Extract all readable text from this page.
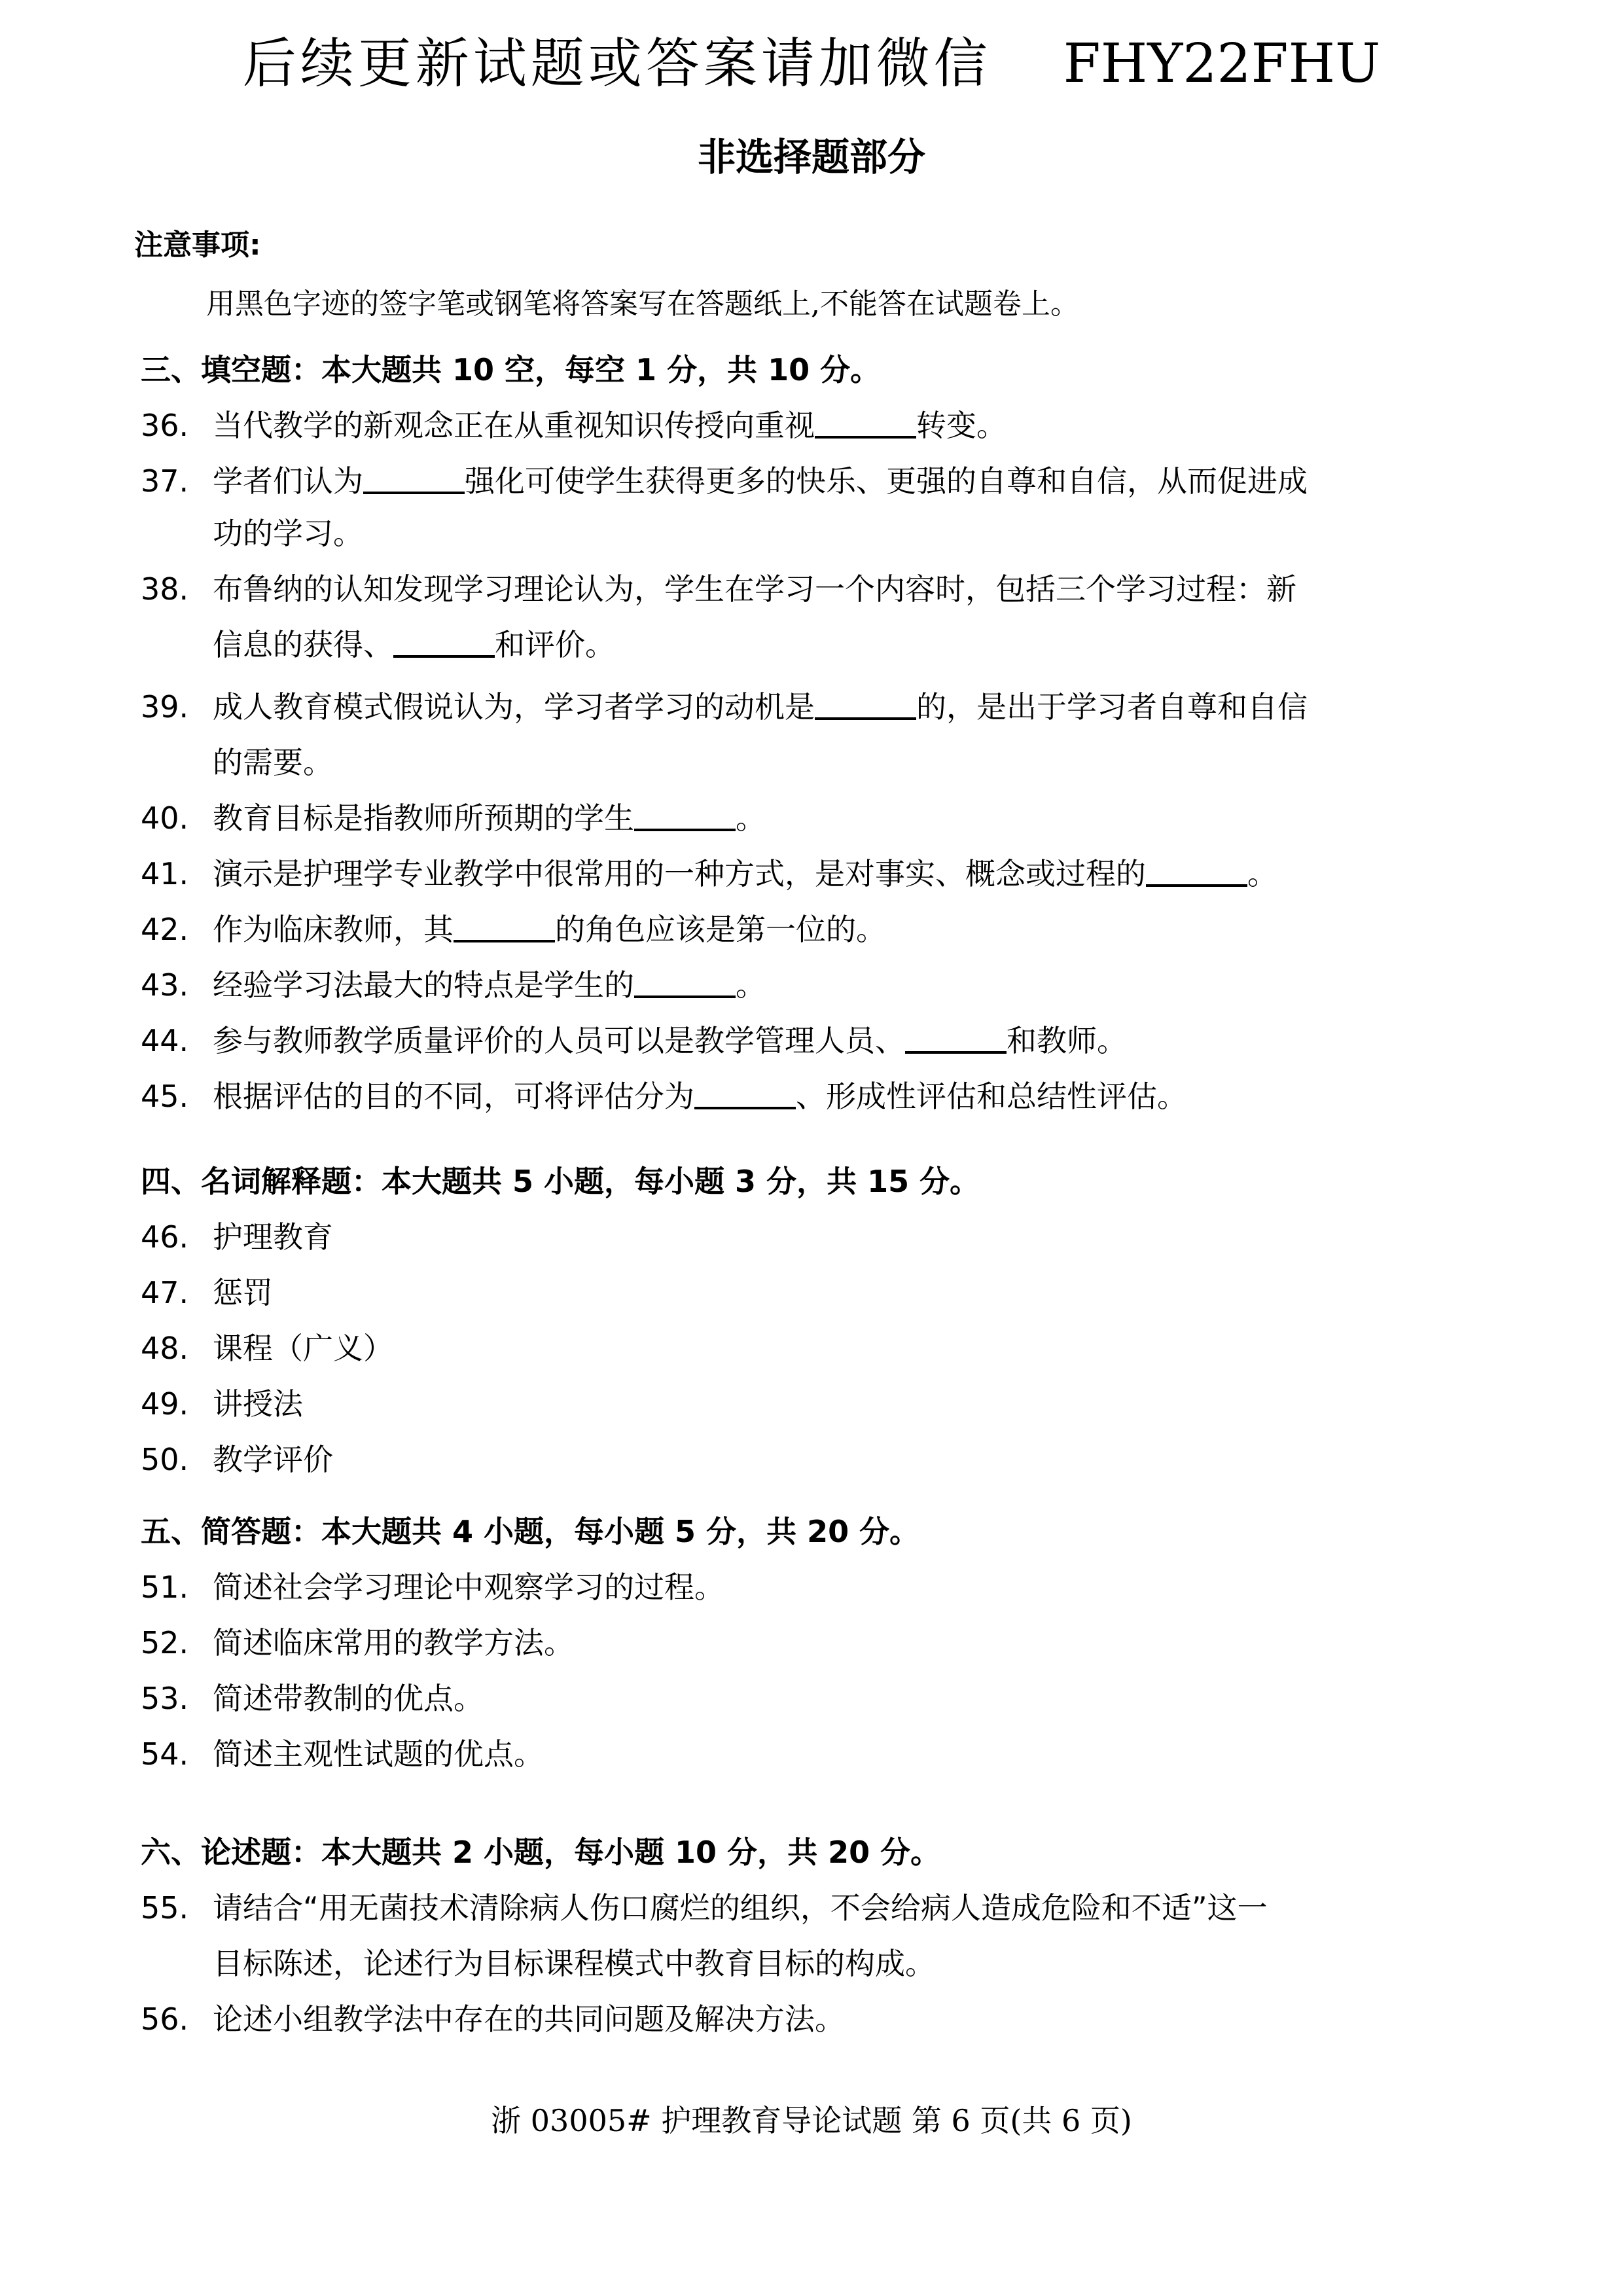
后续更新试题或答案请加微信 FHY22FHU
非选择题部分
注意事项:
用黑色字迹的签字笔或钢笔将答案写在答题纸上,不能答在试题卷上。
三、填空题：本大题共 10 空，每空 1 分，共 10 分。
36. 当代教学的新观念正在从重视知识传授向重视	转变。
37. 学者们认为	强化可使学生获得更多的快乐、更强的自尊和自信，从而促进成
功的学习。
38. 布鲁纳的认知发现学习理论认为，学生在学习一个内容时，包括三个学习过程：新
信息的获得、	和评价。
39. 成人教育模式假说认为，学习者学习的动机是	的，是出于学习者自尊和自信
的需要。
40. 教育目标是指教师所预期的学生	。
41. 演示是护理学专业教学中很常用的一种方式，是对事实、概念或过程的	。
42. 作为临床教师，其	的角色应该是第一位的。
43. 经验学习法最大的特点是学生的	。
44. 参与教师教学质量评价的人员可以是教学管理人员、	和教师。
45. 根据评估的目的不同，可将评估分为	、形成性评估和总结性评估。
四、名词解释题：本大题共 5 小题，每小题 3 分，共 15 分。
46. 护理教育
47. 惩罚
48. 课程（广义）
49. 讲授法
50. 教学评价
五、简答题：本大题共 4 小题，每小题 5 分，共 20 分。
51. 简述社会学习理论中观察学习的过程。
52. 简述临床常用的教学方法。
53. 简述带教制的优点。
54. 简述主观性试题的优点。
六、论述题：本大题共 2 小题，每小题 10 分，共 20 分。
55. 请结合“用无菌技术清除病人伤口腐烂的组织，不会给病人造成危险和不适”这一
目标陈述，论述行为目标课程模式中教育目标的构成。
56. 论述小组教学法中存在的共同问题及解决方法。
浙 03005# 护理教育导论试题 第 6 页(共 6 页)
